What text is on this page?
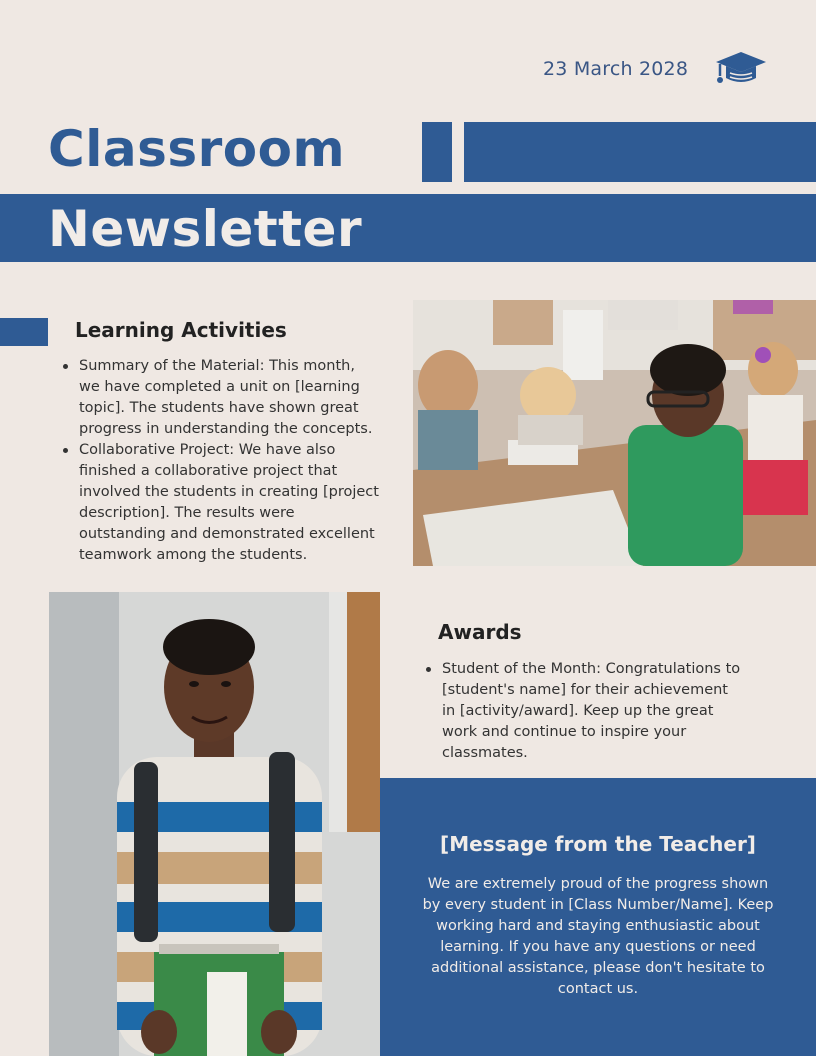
23 March 2028
Classroom
Newsletter
Learning Activities
Summary of the Material: This month, we have completed a unit on [learning topic]. The students have shown great progress in understanding the concepts.
Collaborative Project: We have also finished a collaborative project that involved the students in creating [project description]. The results were outstanding and demonstrated excellent teamwork among the students.
Awards
Student of the Month: Congratulations to [student's name] for their achievement in [activity/award]. Keep up the great work and continue to inspire your classmates.
[Message from the Teacher]
We are extremely proud of the progress shown by every student in [Class Number/Name]. Keep working hard and staying enthusiastic about learning. If you have any questions or need additional assistance, please don't hesitate to contact us.
